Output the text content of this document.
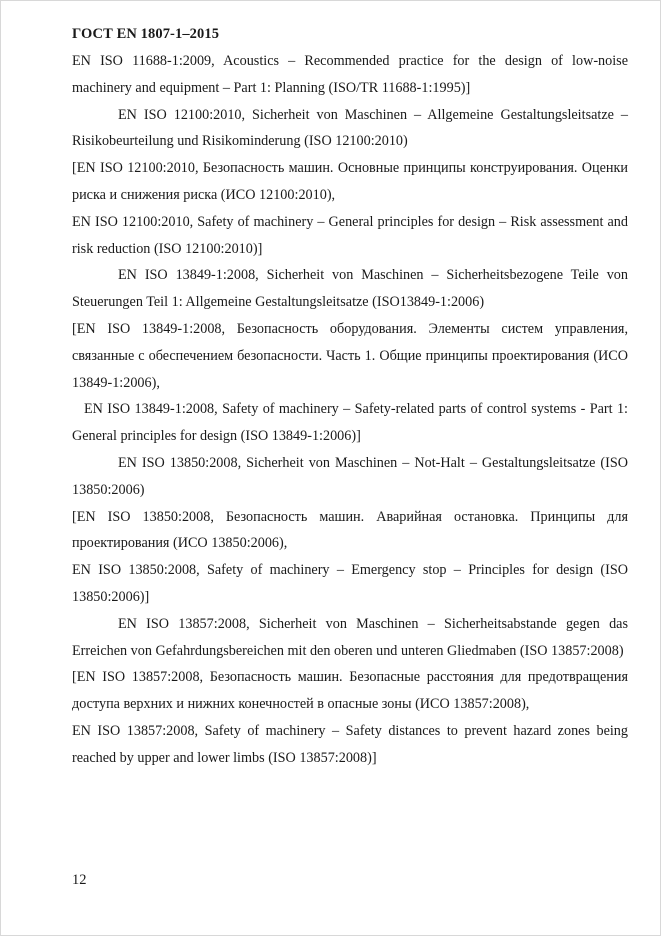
ГОСТ EN 1807-1–2015

EN ISO 11688-1:2009, Acoustics – Recommended practice for the design of low-noise machinery and equipment – Part 1: Planning (ISO/TR 11688-1:1995)]

EN ISO 12100:2010, Sicherheit von Maschinen – Allgemeine Gestaltungsleitsatze – Risikobeurteilung und Risikominderung (ISO 12100:2010)

[EN ISO 12100:2010, Безопасность машин. Основные принципы конструирования. Оценки риска и снижения риска (ИСО 12100:2010),

EN ISO 12100:2010, Safety of machinery – General principles for design – Risk assessment and risk reduction (ISO 12100:2010)]

EN ISO 13849-1:2008, Sicherheit von Maschinen – Sicherheitsbezogene Teile von Steuerungen Teil 1: Allgemeine Gestaltungsleitsatze (ISO13849-1:2006)

[EN ISO 13849-1:2008, Безопасность оборудования. Элементы систем управления, связанные с обеспечением безопасности. Часть 1. Общие принципы проектирования (ИСО 13849-1:2006),

EN ISO 13849-1:2008, Safety of machinery – Safety-related parts of control systems - Part 1: General principles for design (ISO 13849-1:2006)]

EN ISO 13850:2008, Sicherheit von Maschinen – Not-Halt – Gestaltungsleitsatze (ISO 13850:2006)

[EN ISO 13850:2008, Безопасность машин. Аварийная остановка. Принципы для проектирования (ИСО 13850:2006),

EN ISO 13850:2008, Safety of machinery – Emergency stop – Principles for design (ISO 13850:2006)]

EN ISO 13857:2008, Sicherheit von Maschinen – Sicherheitsabstande gegen das Erreichen von Gefahrdungsbereichen mit den oberen und unteren Gliedmaben (ISO 13857:2008)

[EN ISO 13857:2008, Безопасность машин. Безопасные расстояния для предотвращения доступа верхних и нижних конечностей в опасные зоны (ИСО 13857:2008),

EN ISO 13857:2008, Safety of machinery – Safety distances to prevent hazard zones being reached by upper and lower limbs (ISO 13857:2008)]

12
